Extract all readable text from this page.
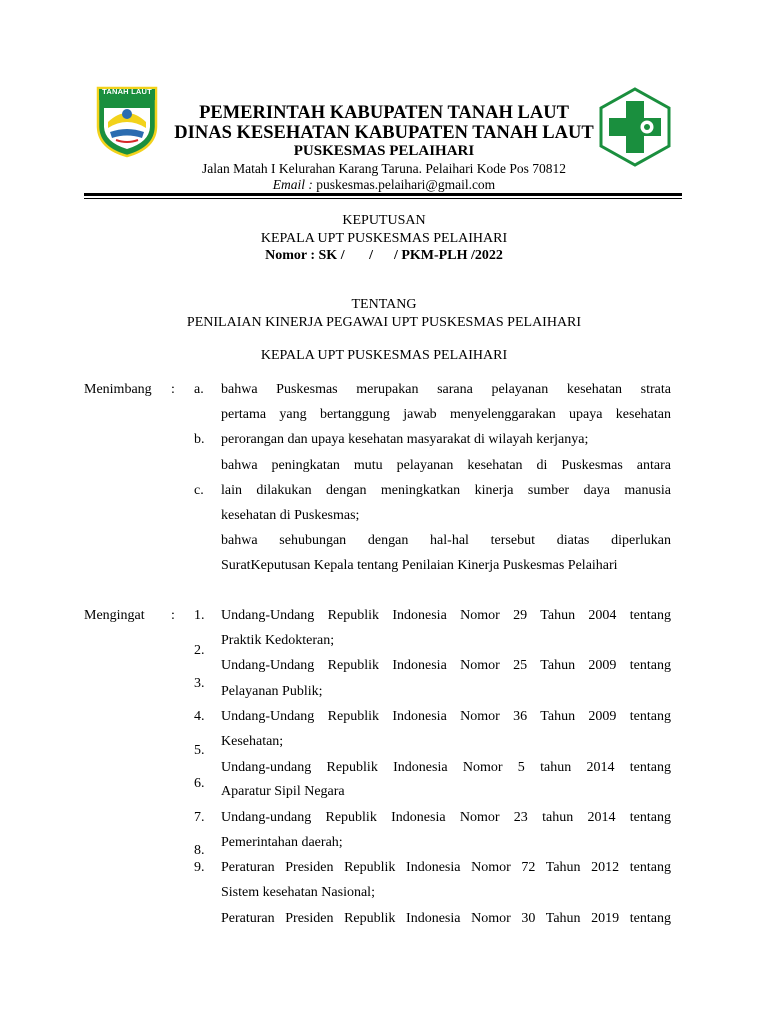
TANAH LAUT
PEMERINTAH KABUPATEN TANAH LAUT
DINAS KESEHATAN KABUPATEN TANAH LAUT
PUSKESMAS PELAIHARI
Jalan Matah I Kelurahan Karang Taruna. Pelaihari Kode Pos 70812
Email : puskesmas.pelaihari@gmail.com
KEPUTUSAN
KEPALA UPT PUSKESMAS PELAIHARI
Nomor : SK /       /      / PKM-PLH /2022
TENTANG
PENILAIAN KINERJA PEGAWAI UPT PUSKESMAS PELAIHARI
KEPALA UPT PUSKESMAS PELAIHARI
Menimbang : a.
b.
c.
bahwa Puskesmas merupakan sarana pelayanan kesehatan strata
pertama yang bertanggung jawab menyelenggarakan upaya kesehatan
perorangan dan upaya kesehatan masyarakat di wilayah kerjanya;
bahwa peningkatan mutu pelayanan kesehatan di Puskesmas antara
lain dilakukan dengan meningkatkan kinerja sumber daya manusia
kesehatan di Puskesmas;
bahwa sehubungan dengan hal-hal tersebut diatas diperlukan
SuratKeputusan Kepala tentang Penilaian Kinerja Puskesmas Pelaihari
Mengingat : 1.
2.
3.
4.
5.
6.
7.
8.
9.
Undang-Undang Republik Indonesia Nomor 29 Tahun 2004 tentang
Praktik Kedokteran;
Undang-Undang Republik Indonesia Nomor 25 Tahun 2009 tentang
Pelayanan Publik;
Undang-Undang Republik Indonesia Nomor 36 Tahun 2009 tentang
Kesehatan;
Undang-undang Republik Indonesia Nomor 5 tahun 2014 tentang
Aparatur Sipil Negara
Undang-undang Republik Indonesia Nomor 23 tahun 2014 tentang
Pemerintahan daerah;
Peraturan Presiden Republik Indonesia Nomor 72 Tahun 2012 tentang
Sistem kesehatan Nasional;
Peraturan Presiden Republik Indonesia Nomor 30 Tahun 2019 tentang
